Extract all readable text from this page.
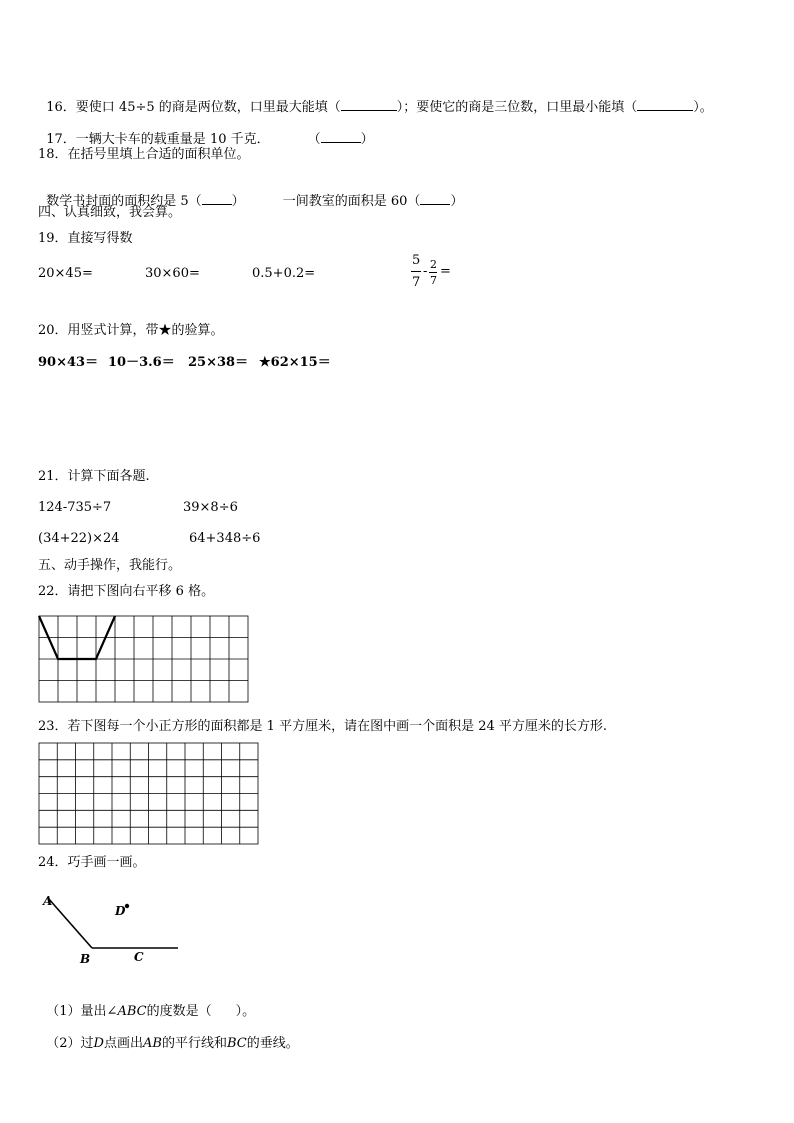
16．要使口 45÷5 的商是两位数，口里最大能填（	）；要使它的商是三位数，口里最小能填（	）。

17．一辆大卡车的载重量是 10 千克．	（	）

18．在括号里填上合适的面积单位。

数学书封面的面积约是 5（ ）	一间教室的面积是 60（ ）

四、认真细致，我会算。
19．直接写得数
20×45=	30×60=	0.5+0.2=
5
7
- 2
7
=
20．用竖式计算，带★的验算。
90×43＝ 10－3.6＝ 25×38＝ ★62×15＝
21．计算下面各题.
124-735÷7	39×8÷6
(34+22)×24	64+348÷6
五、动手操作，我能行。
22．请把下图向右平移 6 格。
23．若下图每一个小正方形的面积都是 1 平方厘米，请在图中画一个面积是 24 平方厘米的长方形.
24．巧手画一画。
A
D
B	C

（1）量出∠ABC的度数是（ ）。

（2）过D点画出AB的平行线和BC的垂线。
